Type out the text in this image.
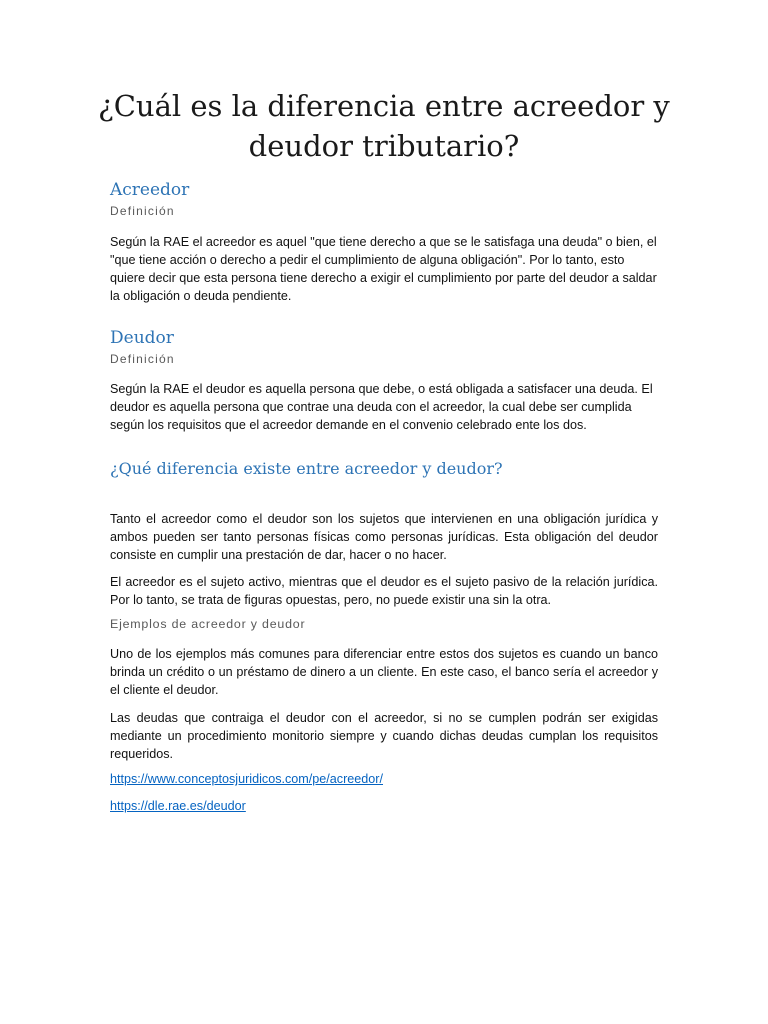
¿Cuál es la diferencia entre acreedor y deudor tributario?
Acreedor
Definición

Según la RAE el acreedor es aquel "que tiene derecho a que se le satisfaga una deuda" o bien, el "que tiene acción o derecho a pedir el cumplimiento de alguna obligación". Por lo tanto, esto quiere decir que esta persona tiene derecho a exigir el cumplimiento por parte del deudor a saldar la obligación o deuda pendiente.

Deudor
Definición

Según la RAE el deudor es aquella persona que debe, o está obligada a satisfacer una deuda. El deudor es aquella persona que contrae una deuda con el acreedor, la cual debe ser cumplida según los requisitos que el acreedor demande en el convenio celebrado ente los dos.

¿Qué diferencia existe entre acreedor y deudor?

Tanto el acreedor como el deudor son los sujetos que intervienen en una obligación jurídica y ambos pueden ser tanto personas físicas como personas jurídicas. Esta obligación del deudor consiste en cumplir una prestación de dar, hacer o no hacer.

El acreedor es el sujeto activo, mientras que el deudor es el sujeto pasivo de la relación jurídica. Por lo tanto, se trata de figuras opuestas, pero, no puede existir una sin la otra.

Ejemplos de acreedor y deudor

Uno de los ejemplos más comunes para diferenciar entre estos dos sujetos es cuando un banco brinda un crédito o un préstamo de dinero a un cliente. En este caso, el banco sería el acreedor y el cliente el deudor.

Las deudas que contraiga el deudor con el acreedor, si no se cumplen podrán ser exigidas mediante un procedimiento monitorio siempre y cuando dichas deudas cumplan los requisitos requeridos.

https://www.conceptosjuridicos.com/pe/acreedor/
https://dle.rae.es/deudor
